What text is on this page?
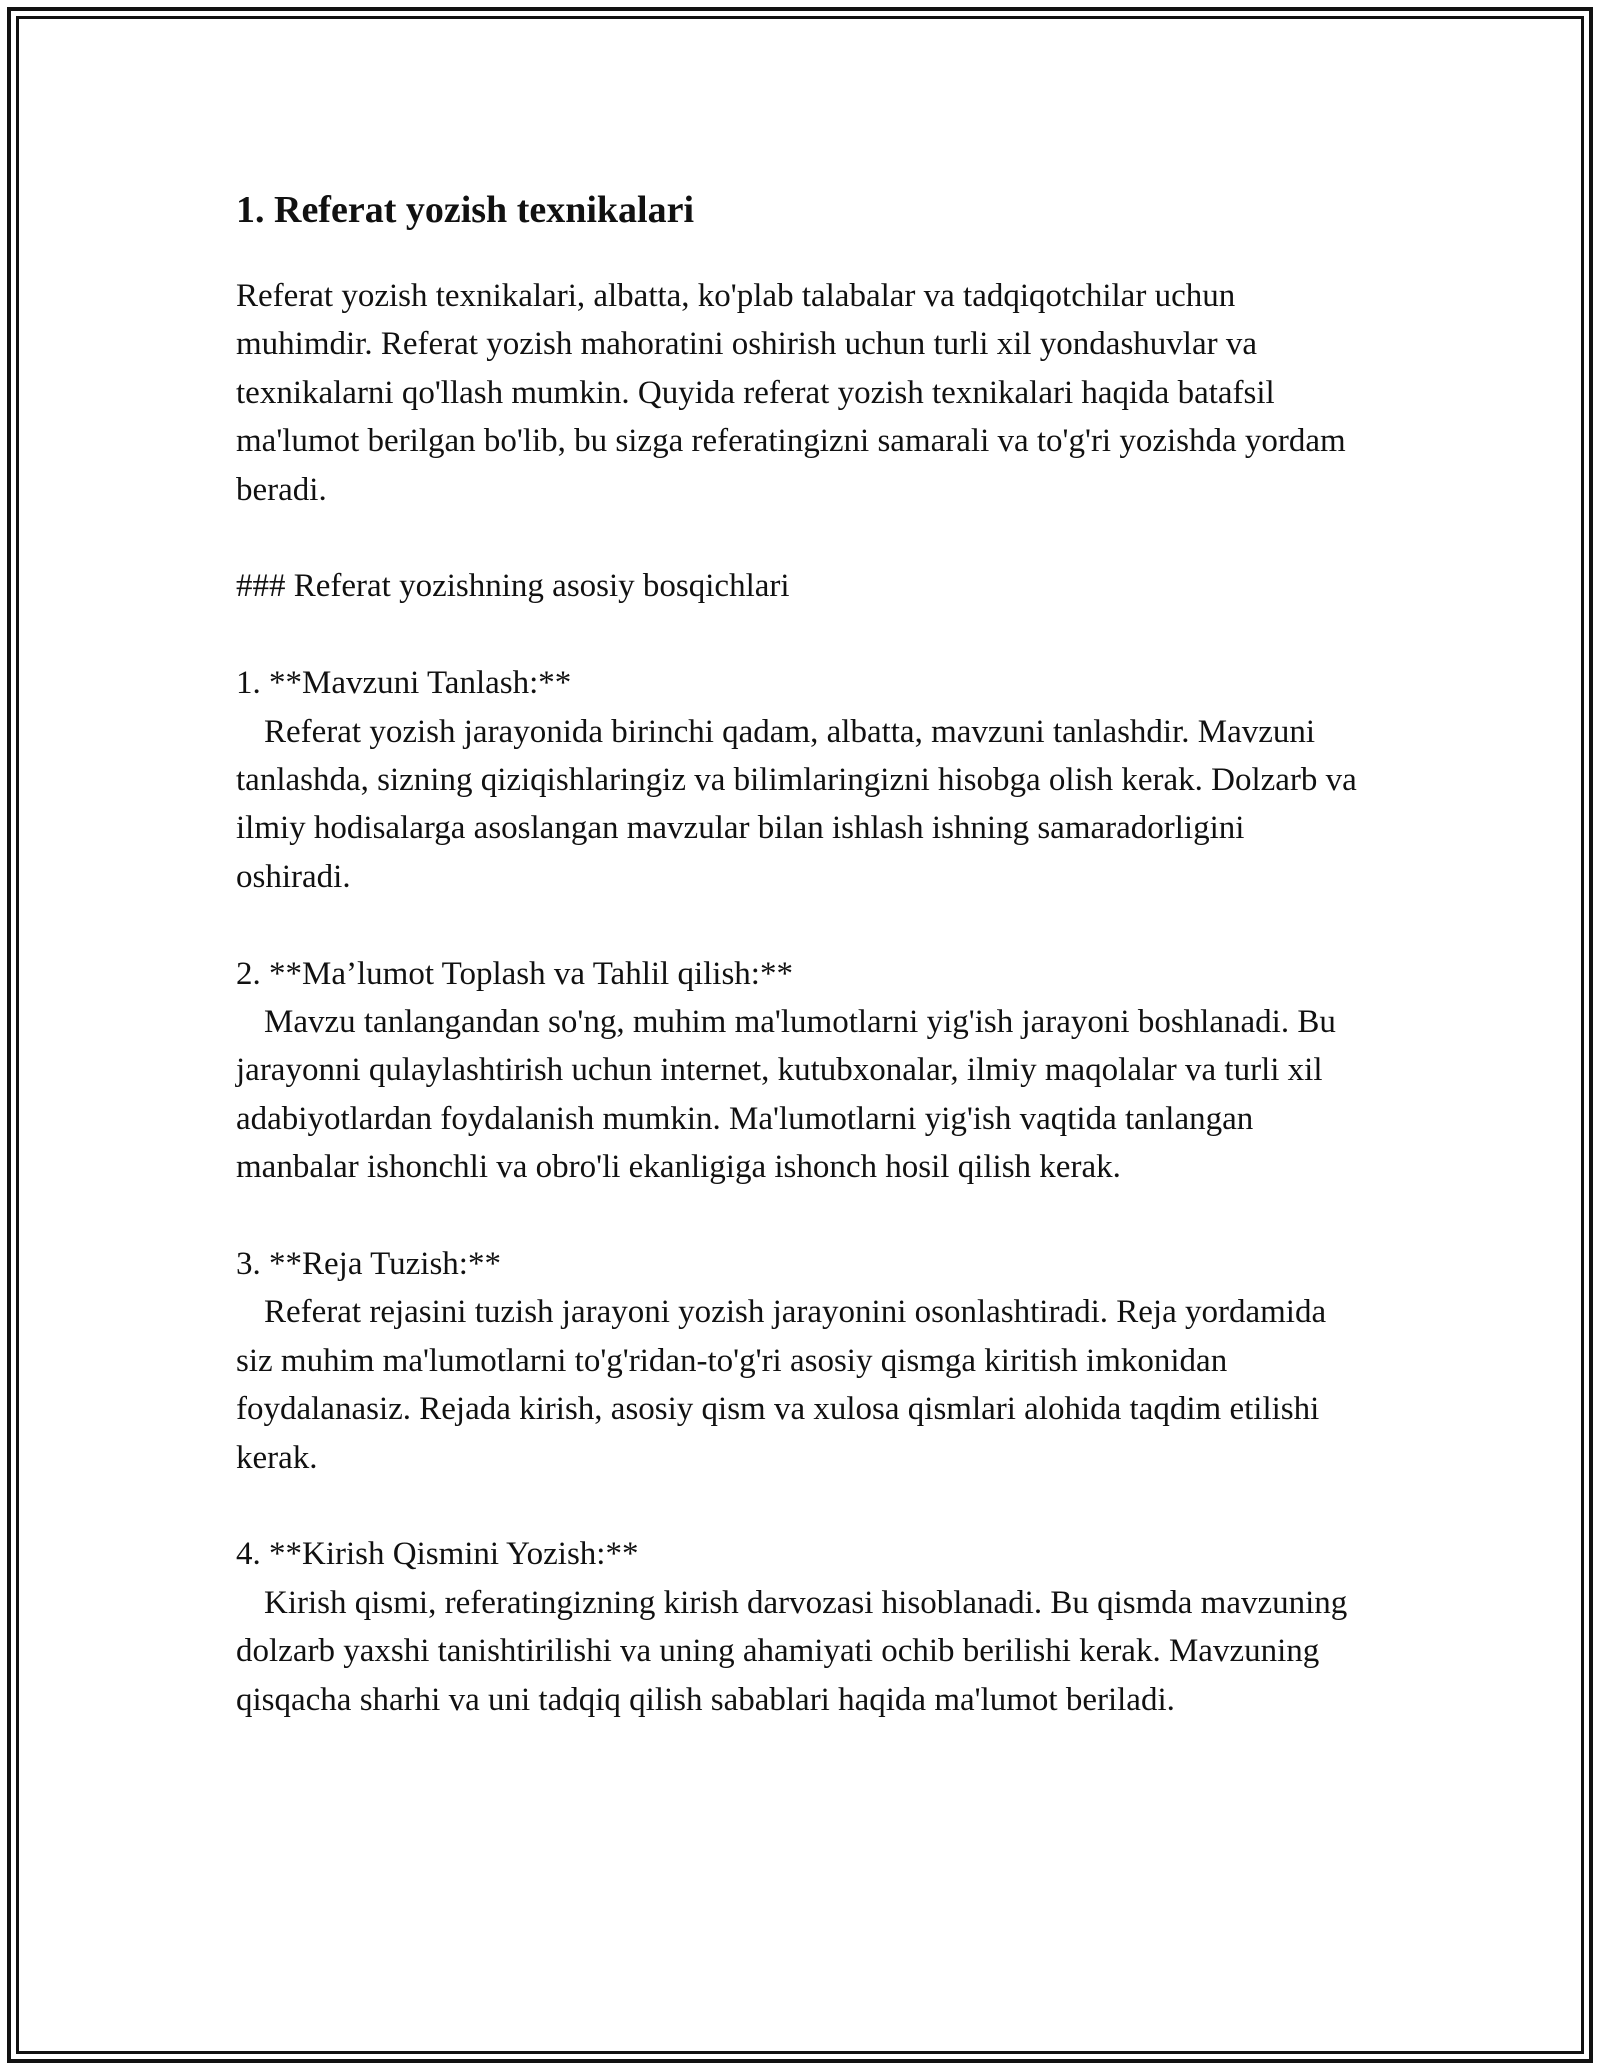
1. Referat yozish texnikalari

Referat yozish texnikalari, albatta, ko'plab talabalar va tadqiqotchilar uchun muhimdir. Referat yozish mahoratini oshirish uchun turli xil yondashuvlar va texnikalarni qo'llash mumkin. Quyida referat yozish texnikalari haqida batafsil ma'lumot berilgan bo'lib, bu sizga referatingizni samarali va to'g'ri yozishda yordam beradi.

### Referat yozishning asosiy bosqichlari

1. **Mavzuni Tanlash:**

Referat yozish jarayonida birinchi qadam, albatta, mavzuni tanlashdir. Mavzuni tanlashda, sizning qiziqishlaringiz va bilimlaringizni hisobga olish kerak. Dolzarb va ilmiy hodisalarga asoslangan mavzular bilan ishlash ishning samaradorligini oshiradi.

2. **Ma’lumot Toplash va Tahlil qilish:**

Mavzu tanlangandan so'ng, muhim ma'lumotlarni yig'ish jarayoni boshlanadi. Bu jarayonni qulaylashtirish uchun internet, kutubxonalar, ilmiy maqolalar va turli xil adabiyotlardan foydalanish mumkin. Ma'lumotlarni yig'ish vaqtida tanlangan manbalar ishonchli va obro'li ekanligiga ishonch hosil qilish kerak.

3. **Reja Tuzish:**

Referat rejasini tuzish jarayoni yozish jarayonini osonlashtiradi. Reja yordamida siz muhim ma'lumotlarni to'g'ridan-to'g'ri asosiy qismga kiritish imkonidan foydalanasiz. Rejada kirish, asosiy qism va xulosa qismlari alohida taqdim etilishi kerak.

4. **Kirish Qismini Yozish:**

Kirish qismi, referatingizning kirish darvozasi hisoblanadi. Bu qismda mavzuning dolzarb yaxshi tanishtirilishi va uning ahamiyati ochib berilishi kerak. Mavzuning qisqacha sharhi va uni tadqiq qilish sabablari haqida ma'lumot beriladi.
